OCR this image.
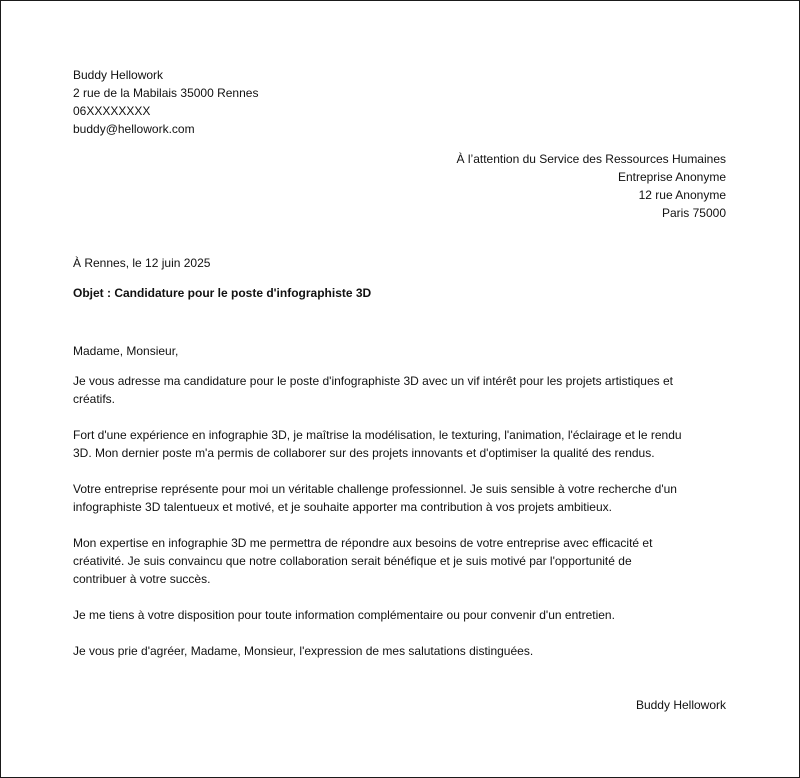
Buddy Hellowork
2 rue de la Mabilais 35000 Rennes
06XXXXXXXX
buddy@hellowork.com
À l’attention du Service des Ressources Humaines
Entreprise Anonyme
12 rue Anonyme
Paris 75000
À Rennes, le 12 juin 2025
Objet : Candidature pour le poste d'infographiste 3D
Madame, Monsieur,
Je vous adresse ma candidature pour le poste d'infographiste 3D avec un vif intérêt pour les projets artistiques et
créatifs.
Fort d'une expérience en infographie 3D, je maîtrise la modélisation, le texturing, l'animation, l'éclairage et le rendu
3D. Mon dernier poste m'a permis de collaborer sur des projets innovants et d'optimiser la qualité des rendus.
Votre entreprise représente pour moi un véritable challenge professionnel. Je suis sensible à votre recherche d'un
infographiste 3D talentueux et motivé, et je souhaite apporter ma contribution à vos projets ambitieux.
Mon expertise en infographie 3D me permettra de répondre aux besoins de votre entreprise avec efficacité et
créativité. Je suis convaincu que notre collaboration serait bénéfique et je suis motivé par l'opportunité de
contribuer à votre succès.
Je me tiens à votre disposition pour toute information complémentaire ou pour convenir d'un entretien.
Je vous prie d'agréer, Madame, Monsieur, l'expression de mes salutations distinguées.
Buddy Hellowork
